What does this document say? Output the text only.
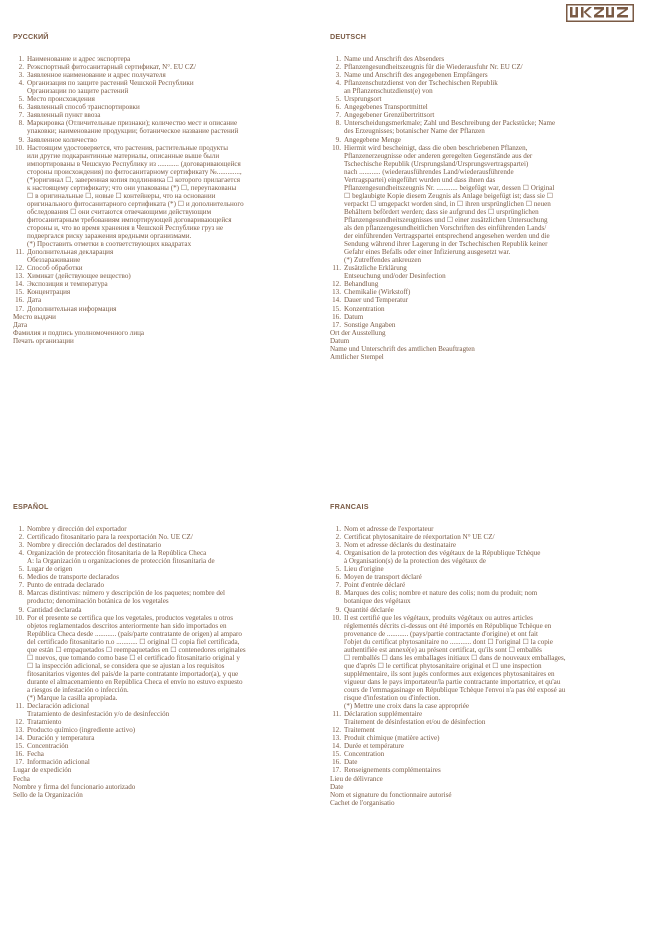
РУССКИЙ
1. Наименование и адрес экспортера
2. Реэкспортный фитосанитарный сертификат, N°. EU CZ/
3. Заявленное наименование и адрес получателя
4. Организация по защите растений Чешской Республики
Организации по защите растений
5. Место происхождения
6. Заявленный способ транспортировки
7. Заявленный пункт ввоза
8. Маркировка (Отличительные признаки); количество мест и описание
упаковки; наименование продукции; ботаническое название растений
9. Заявленное количество
10. Настоящим удостоверяется, что растения, растительные продукты
или другие подкарантинные материалы, описанные выше были
импортированы в Чешскую Республику из ............ (договаривающейся
стороны происхождения) по фитосанитарному сертификату №.............,
(*)оригинал ☐, заверенная копия подлинника ☐ которого прилагается
к настоящему сертификату; что они упакованы (*) ☐, переупакованы
☐ в оригинальные ☐, новые ☐ контейнеры, что на основании
оригинального фитосанитарного сертификата (*) ☐ и дополнительного
обследования ☐ они считаются отвечающими действующим
фитосанитарным требованиям импортирующей договаривающейся
стороны и, что во время хранения в Чешской Республике груз не
подвергался риску заражения вредными организмами.
(*) Проставить отметки в соответствующих квадратах
11. Дополнительная декларация
Обеззараживание
12. Способ обработки
13. Химикат (действующее вещество)
14. Экспозиция и температура
15. Концентрация
16. Дата
17. Дополнительная информация
Место выдачи
Дата
Фамилия и подпись уполномоченного лица
Печать организации
DEUTSCH
1. Name und Anschrift des Absenders
2. Pflanzengesundheitszeugnis für die Wiederausfuhr Nr. EU CZ/
3. Name und Anschrift des angegebenen Empfängers
4. Pflanzenschutzdienst von der Tschechischen Republik
an Pflanzenschutzdienst(e) von
5. Ursprungsort
6. Angegebenes Transportmittel
7. Angegebener Grenzübertrittsort
8. Unterscheidungsmerkmale; Zahl und Beschreibung der Packstücke; Name
des Erzeugnisses; botanischer Name der Pflanzen
9. Angegebene Menge
10. Hiermit wird bescheinigt, dass die oben beschriebenen Pflanzen,
Pflanzenerzeugnisse oder anderen geregelten Gegenstände aus der
Tschechische Republik (Ursprungsland/Ursprungsvertragspartei)
nach ............ (wiederausführendes Land/wiederausführende
Vertragspartei) eingeführt wurden und dass ihnen das
Pflanzengesundheitszeugnis Nr. ............ beigefügt war, dessen ☐ Original
☐ beglaubigte Kopie diesem Zeugnis als Anlage beigefügt ist; dass sie ☐
verpackt ☐ umgepackt worden sind, in ☐ ihren ursprünglichen ☐ neuen
Behältern befördert werden; dass sie aufgrund des ☐ ursprünglichen
Pflanzengesundheitszeugnisses und ☐ einer zusätzlichen Untersuchung
als den pflanzengesundheitlichen Vorschriften des einführenden Lands/
der einführenden Vertragspartei entsprechend angesehen werden und die
Sendung während ihrer Lagerung in der Tschechischen Republik keiner
Gefahr eines Befalls oder einer Infizierung ausgesetzt war.
(*) Zutreffendes ankreuzen
11. Zusätzliche Erklärung
Entseuchung und/oder Desinfection
12. Behandlung
13. Chemikalie (Wirkstoff)
14. Dauer und Temperatur
15. Konzentration
16. Datum
17. Sonstige Angaben
Ort der Ausstellung
Datum
Name und Unterschrift des amtlichen Beauftragten
Amtlicher Stempel
ESPAÑOL
1. Nombre y dirección del exportador
2. Certificado fitosanitario para la reexportación No. UE CZ/
3. Nombre y dirección declarados del destinatario
4. Organización de protección fitosanitaria de la República Checa
A: la Organización u organizaciones de protección fitosanitaria de
5. Lugar de origen
6. Medios de transporte declarados
7. Punto de entrada declarado
8. Marcas distintivas: número y descripción de los paquetes; nombre del
producto; denominación botánica de los vegetales
9. Cantidad declarada
10. Por el presente se certifica que los vegetales, productos vegetales u otros
objetos reglamentados descritos anteriormente han sido importados en
República Checa desde ............ (país/parte contratante de origen) al amparo
del certificado fitosanitario n.o ............ ☐ original ☐ copia fiel certificada,
que están ☐ empaquetados ☐ reempaquetados en ☐ contenedores originales
☐ nuevos, que tomando como base ☐ el certificado fitosanitario original y
☐ la inspección adicional, se considera que se ajustan a los requisitos
fitosanitarios vigentes del país/de la parte contratante importador(a), y que
durante el almacenamiento en República Checa el envío no estuvo expuesto
a riesgos de infestación o infección.
(*) Marque la casilla apropiada.
11. Declaración adicional
Tratamiento de desinfestación y/o de desinfección
12. Tratamiento
13. Producto químico (ingrediente activo)
14. Duración y temperatura
15. Concentración
16. Fecha
17. Información adicional
Lugar de expedición
Fecha
Nombre y firma del funcionario autorizado
Sello de la Organización
FRANCAIS
1. Nom et adresse de l'exportateur
2. Certificat phytosanitaire de réexportation N° UE CZ/
3. Nom et adresse déclarés du destinataire
4. Organisation de la protection des végétaux de la République Tchèque
à Organisation(s) de la protection des végétaux de
5. Lieu d'origine
6. Moyen de transport déclaré
7. Point d'entrée déclaré
8. Marques des colis; nombre et nature des colis; nom du produit; nom
botanique des végétaux
9. Quantité déclarée
10. Il est certifié que les végétaux, produits végétaux ou autres articles
réglementés décrits ci-dessus ont été importés en République Tchèque en
provenance de ............ (pays/partie contractante d'origine) et ont fait
l'objet du certificat phytosanitaire no ............ dont ☐ l'original ☐ la copie
authentifiée est annexé(e) au présent certificat, qu'ils sont ☐ emballés
☐ remballés ☐ dans les emballages initiaux ☐ dans de nouveaux emballages,
que d'après ☐ le certificat phytosanitaire original et ☐ une inspection
supplémentaire, ils sont jugés conformes aux exigences phytosanitaires en
vigueur dans le pays importateur/la partie contractante importatrice, et qu'au
cours de l'emmagasinage en République Tchèque l'envoi n'a pas été exposé au
risque d'infestation ou d'infection.
(*) Mettre une croix dans la case appropriée
11. Déclaration supplémentaire
Traitement de désinfestation et/ou de désinfection
12. Traitement
13. Produit chimique (matière active)
14. Durée et température
15. Concentration
16. Date
17. Renseignements complémentaires
Lieu de délivrance
Date
Nom et signature du fonctionnaire autorisé
Cachet de l'organisatio
